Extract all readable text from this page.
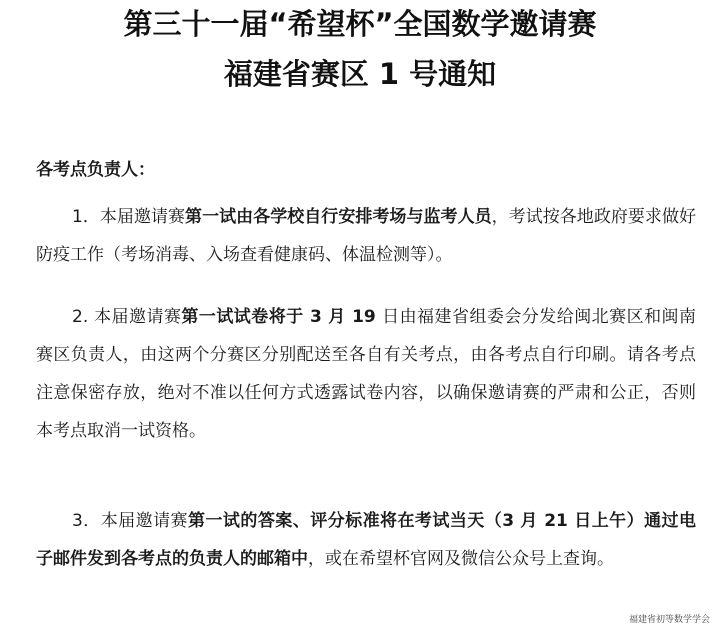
第三十一届“希望杯”全国数学邀请赛
福建省赛区 1 号通知
各考点负责人：
1．本届邀请赛第一试由各学校自行安排考场与监考人员，考试按各地政府要求做好防疫工作（考场消毒、入场查看健康码、体温检测等）。
2. 本届邀请赛第一试试卷将于 3 月 19 日由福建省组委会分发给闽北赛区和闽南赛区负责人，由这两个分赛区分别配送至各自有关考点，由各考点自行印刷。请各考点注意保密存放，绝对不准以任何方式透露试卷内容，以确保邀请赛的严肃和公正，否则本考点取消一试资格。
3．本届邀请赛第一试的答案、评分标准将在考试当天（3 月 21 日上午）通过电子邮件发到各考点的负责人的邮箱中，或在希望杯官网及微信公众号上查询。
福建省初等数学学会
